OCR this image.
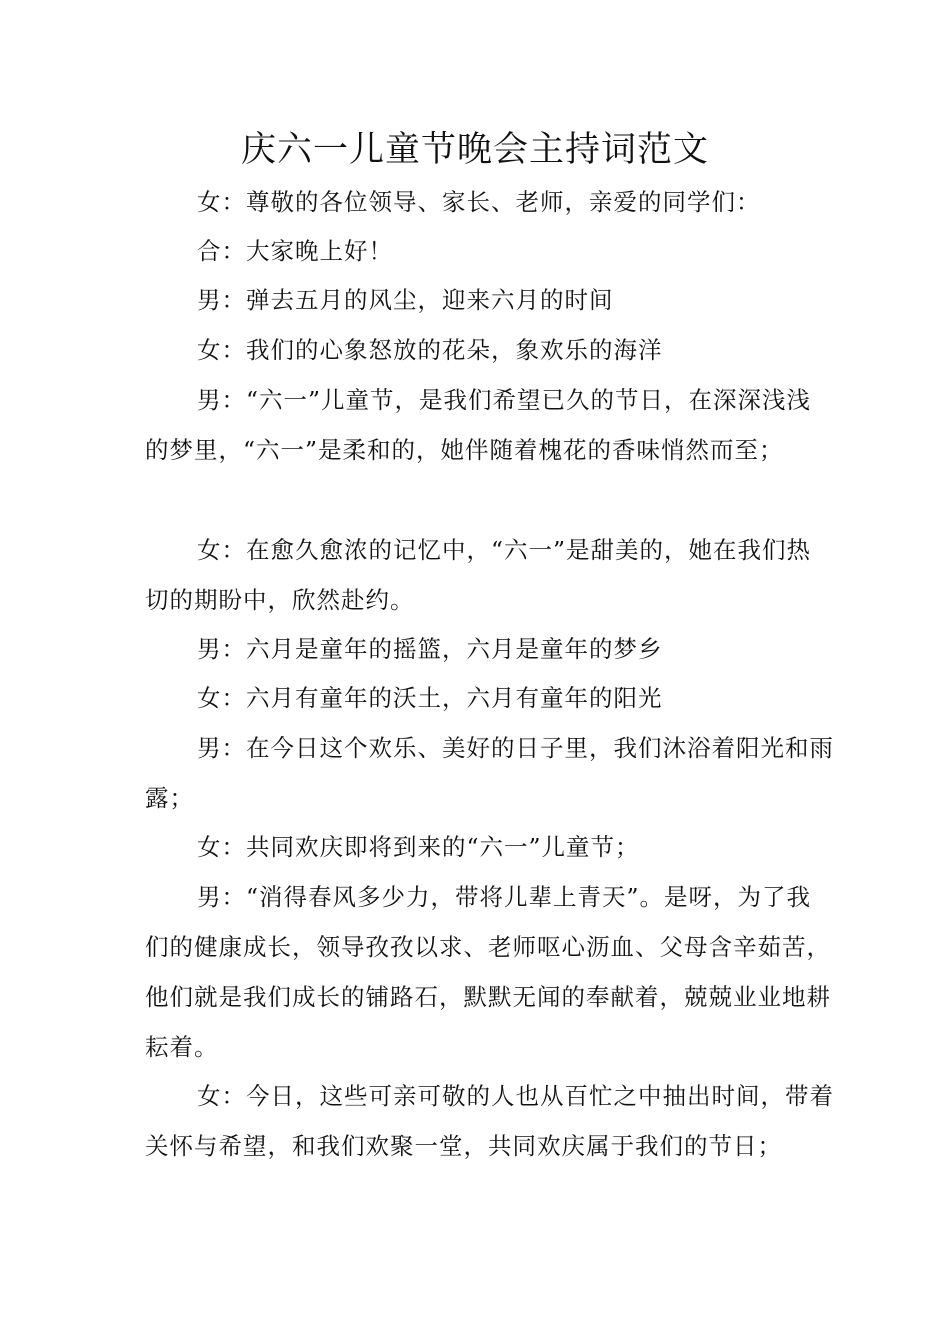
庆六一儿童节晚会主持词范文

女：尊敬的各位领导、家长、老师，亲爱的同学们：

合：大家晚上好！

男：弹去五月的风尘，迎来六月的时间

女：我们的心象怒放的花朵，象欢乐的海洋

男：“六一”儿童节，是我们希望已久的节日，在深深浅浅的梦里，“六一”是柔和的，她伴随着槐花的香味悄然而至；

女：在愈久愈浓的记忆中，“六一”是甜美的，她在我们热切的期盼中，欣然赴约。

男：六月是童年的摇篮，六月是童年的梦乡

女：六月有童年的沃土，六月有童年的阳光

男：在今日这个欢乐、美好的日子里，我们沐浴着阳光和雨露；

女：共同欢庆即将到来的“六一”儿童节；

男：“消得春风多少力，带将儿辈上青天”。是呀，为了我们的健康成长，领导孜孜以求、老师呕心沥血、父母含辛茹苦，他们就是我们成长的铺路石，默默无闻的奉献着，兢兢业业地耕耘着。

女：今日，这些可亲可敬的人也从百忙之中抽出时间，带着关怀与希望，和我们欢聚一堂，共同欢庆属于我们的节日；
